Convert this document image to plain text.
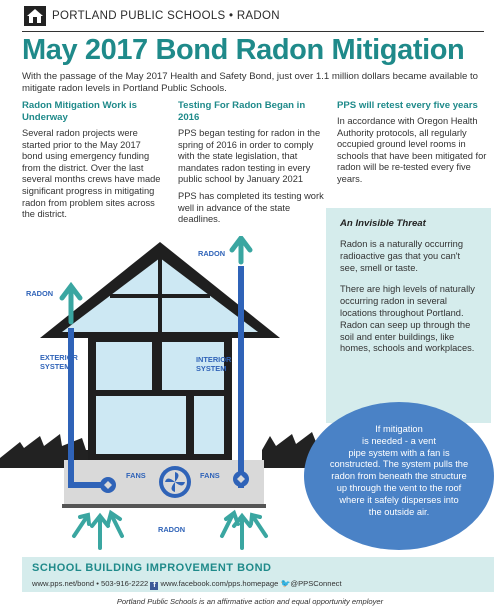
PORTLAND PUBLIC SCHOOLS • RADON
May 2017 Bond Radon Mitigation

With the passage of the May 2017 Health and Safety Bond, just over 1.1 million dollars became available to mitigate radon levels in Portland Public Schools.

Radon Mitigation Work is Underway

Several radon projects were started prior to the May 2017 bond using emergency funding from the district. Over the last several months crews have made significant progress in mitigating radon from problem sites across the district.

Testing For Radon Began in 2016

PPS began testing for radon in the spring of 2016 in order to comply with the state legislation, that mandates radon testing in every public school by January 2021

PPS has completed its testing work well in advance of the state deadlines.

PPS will retest every five years

In accordance with Oregon Health Authority protocols, all regularly occupied ground level rooms in schools that have been mitigated for radon will be re-tested every five years.

An Invisible Threat

Radon is a naturally occurring radioactive gas that you can't see, smell or taste.

There are high levels of naturally occurring radon in several locations throughout Portland. Radon can seep up through the soil and enter buildings, like homes, schools and workplaces.

RADON
RADON
EXTERIOR
SYSTEM
INTERIOR
SYSTEM
FANS	FANS
RADON
If mitigation
is needed - a vent
pipe system with a fan is
constructed. The system pulls the
radon from beneath the structure
up through the vent to the roof
where it safely disperses into
the outside air.
SCHOOL BUILDING IMPROVEMENT BOND
www.pps.net/bond • 503-916-2222 f www.facebook.com/pps.homepage 🐦@PPSConnect
Portland Public Schools is an affirmative action and equal opportunity employer
